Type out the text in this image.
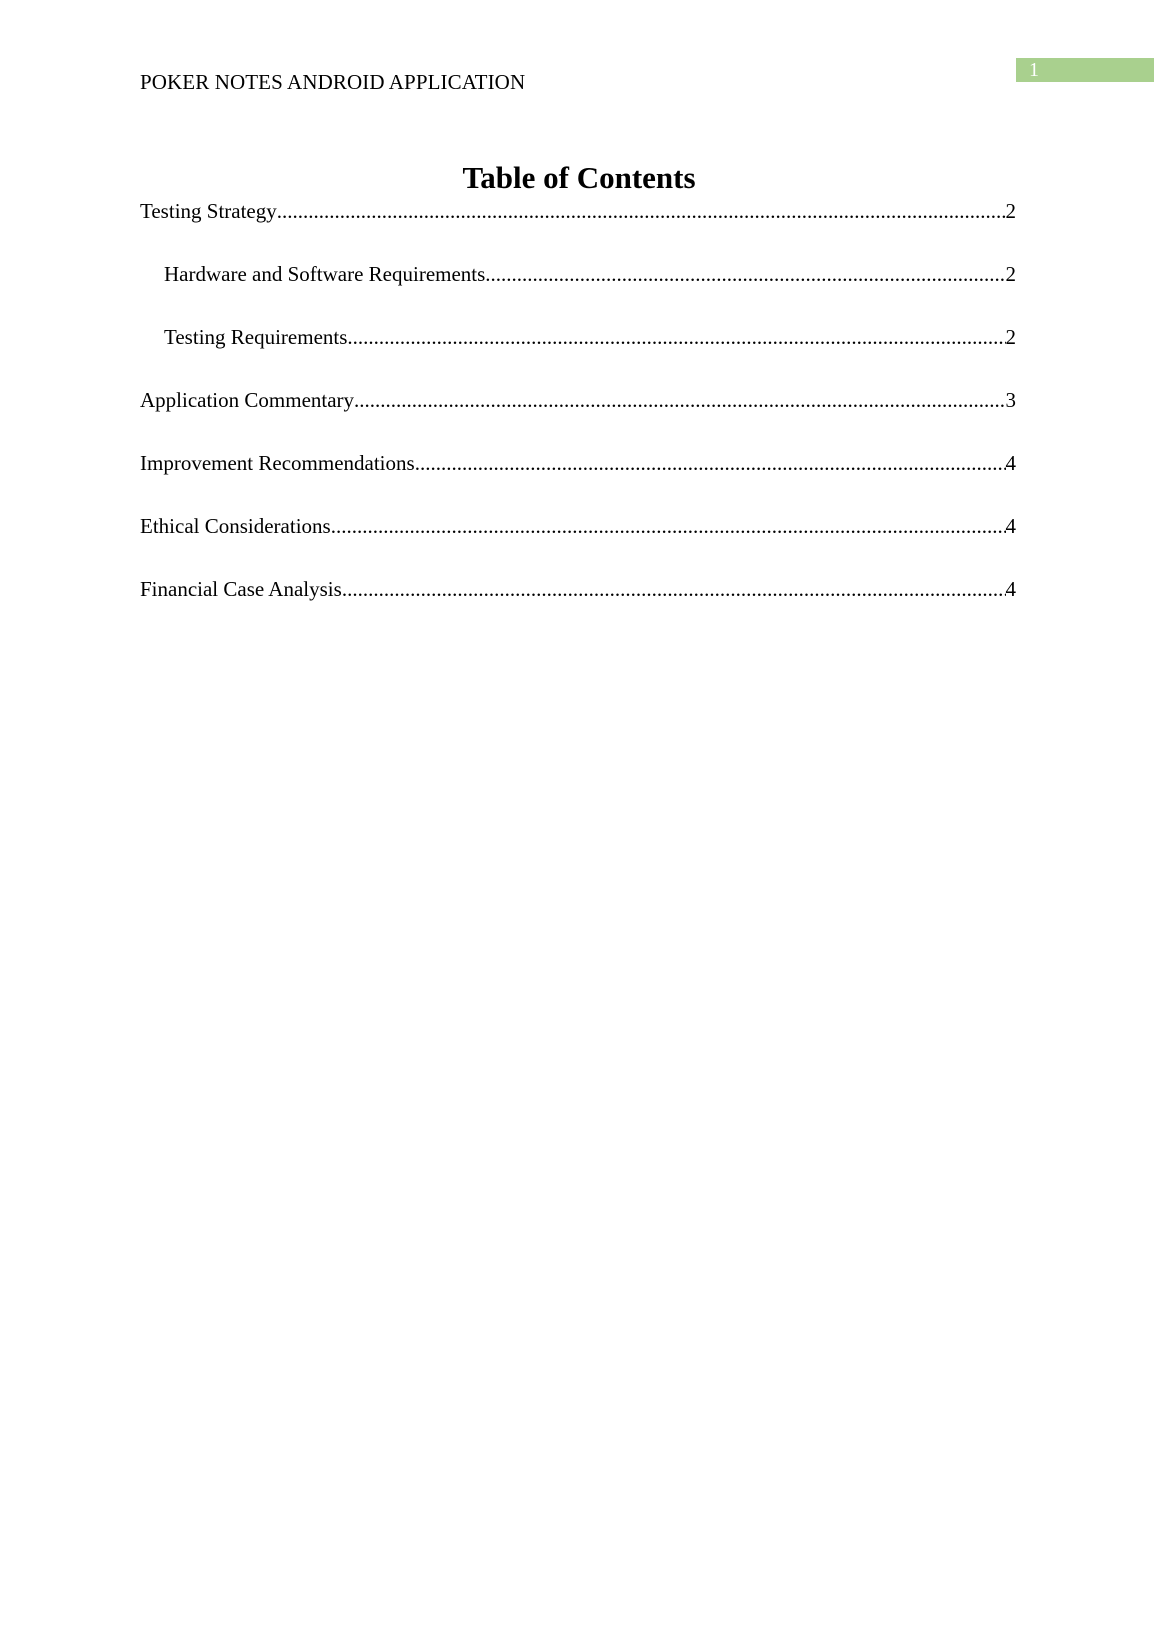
POKER NOTES ANDROID APPLICATION	1
Table of Contents
Testing Strategy .....	2
Hardware and Software Requirements .....	2
Testing Requirements .....	2
Application Commentary .....	3
Improvement Recommendations .....	4
Ethical Considerations .....	4
Financial Case Analysis .....	4
